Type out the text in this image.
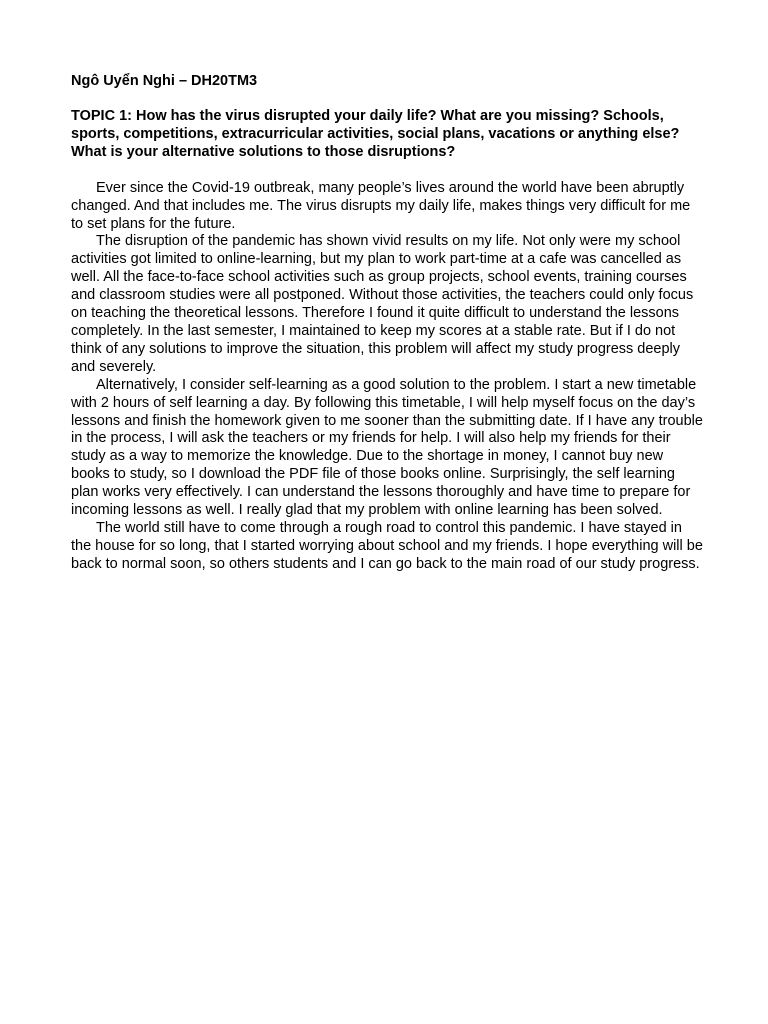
Ngô Uyển Nghi – DH20TM3

TOPIC 1: How has the virus disrupted your daily life? What are you missing? Schools, sports, competitions, extracurricular activities, social plans, vacations or anything else? What is your alternative solutions to those disruptions?

Ever since the Covid-19 outbreak, many people’s lives around the world have been abruptly changed. And that includes me. The virus disrupts my daily life, makes things very difficult for me to set plans for the future.

The disruption of the pandemic has shown vivid results on my life. Not only were my school activities got limited to online-learning, but my plan to work part-time at a cafe was cancelled as well. All the face-to-face school activities such as group projects, school events, training courses and classroom studies were all postponed. Without those activities, the teachers could only focus on teaching the theoretical lessons. Therefore I found it quite difficult to understand the lessons completely. In the last semester, I maintained to keep my scores at a stable rate. But if I do not think of any solutions to improve the situation, this problem will affect my study progress deeply and severely.

Alternatively, I consider self-learning as a good solution to the problem. I start a new timetable with 2 hours of self learning a day. By following this timetable, I will help myself focus on the day’s lessons and finish the homework given to me sooner than the submitting date. If I have any trouble in the process, I will ask the teachers or my friends for help. I will also help my friends for their study as a way to memorize the knowledge. Due to the shortage in money, I cannot buy new books to study, so I download the PDF file of those books online. Surprisingly, the self learning plan works very effectively. I can understand the lessons thoroughly and have time to prepare for incoming lessons as well. I really glad that my problem with online learning has been solved.

The world still have to come through a rough road to control this pandemic. I have stayed in the house for so long, that I started worrying about school and my friends. I hope everything will be back to normal soon, so others students and I can go back to the main road of our study progress.
